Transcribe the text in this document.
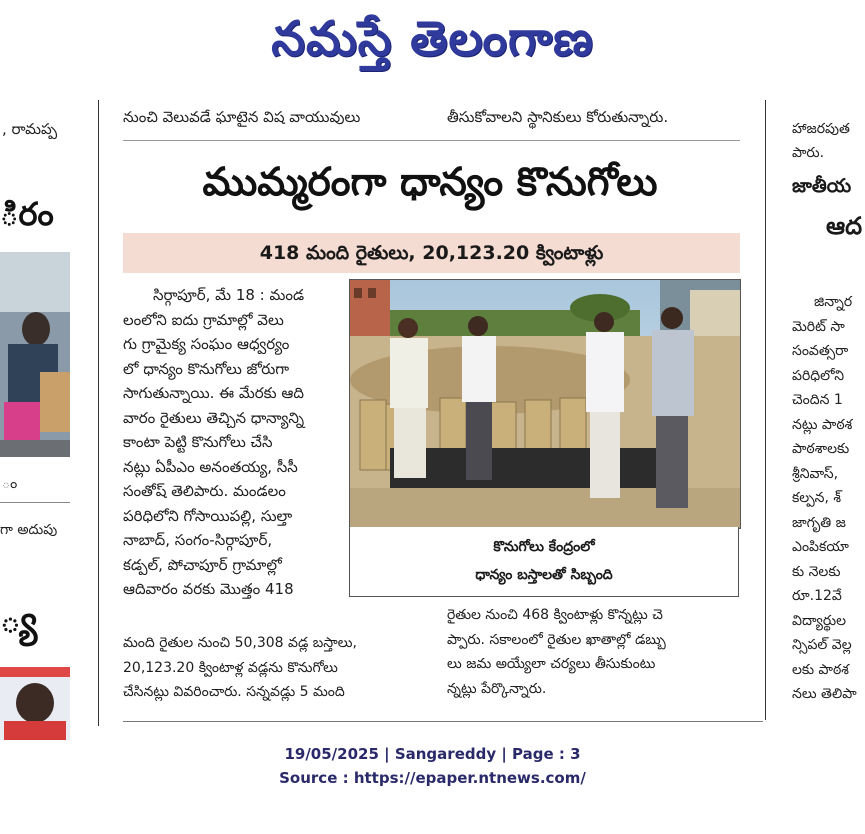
నమస్తే తెలంగాణ
, రామప్ప
ిరం
ం
గా అదుపు
్య
నుంచి వెలువడే ఘాటైన విష వాయువులు	తీసుకోవాలని స్థానికులు కోరుతున్నారు.
ముమ్మరంగా ధాన్యం కొనుగోలు
418 మంది రైతులు, 20,123.20 క్వింటాళ్లు
సిర్గాపూర్, మే 18 : మండ
లంలోని ఐదు గ్రామాల్లో వెలు
గు గ్రామైక్య సంఘం ఆధ్వర్యం
లో ధాన్యం కొనుగోలు జోరుగా
సాగుతున్నాయి. ఈ మేరకు ఆది
వారం రైతులు తెచ్చిన ధాన్యాన్ని
కాంటా పెట్టి కొనుగోలు చేసి
నట్లు ఏపీఎం అనంతయ్య, సీసీ
సంతోష్ తెలిపారు. మండలం
పరిధిలోని గోసాయిపల్లి, సుల్తా
నాబాద్, సంగం-సిర్గాపూర్,
కడ్పల్, పోచాపూర్ గ్రామాల్లో
ఆదివారం వరకు మొత్తం 418
మంది రైతుల నుంచి 50,308 వడ్ల బస్తాలు,
20,123.20 క్వింటాళ్ల వడ్లను కొనుగోలు
చేసినట్లు వివరించారు. సన్నవడ్లు 5 మంది
కొనుగోలు కేంద్రంలో
ధాన్యం బస్తాలతో సిబ్బంది
రైతుల నుంచి 468 క్వింటాళ్లు కొన్నట్లు చె
ప్పారు. సకాలంలో రైతుల ఖాతాల్లో డబ్బు
లు జమ అయ్యేలా చర్యలు తీసుకుంటు
న్నట్లు పేర్కొన్నారు.
హాజరపుత
పారు.
జాతీయ
ఆద
జిన్నార
మెరిట్ సా
సంవత్సరా
పరిధిలోని
చెందిన 1
నట్లు పాఠశ
పాఠశాలకు
శ్రీనివాస్,
కల్పన, శ్
జాగృతి జ
ఎంపికయా
కు నెలకు
రూ.12వే
విద్యార్థుల
న్సిపల్ వెల్ల
లకు పాఠశ
నలు తెలిపా
19/05/2025 | Sangareddy | Page : 3
Source : https://epaper.ntnews.com/
